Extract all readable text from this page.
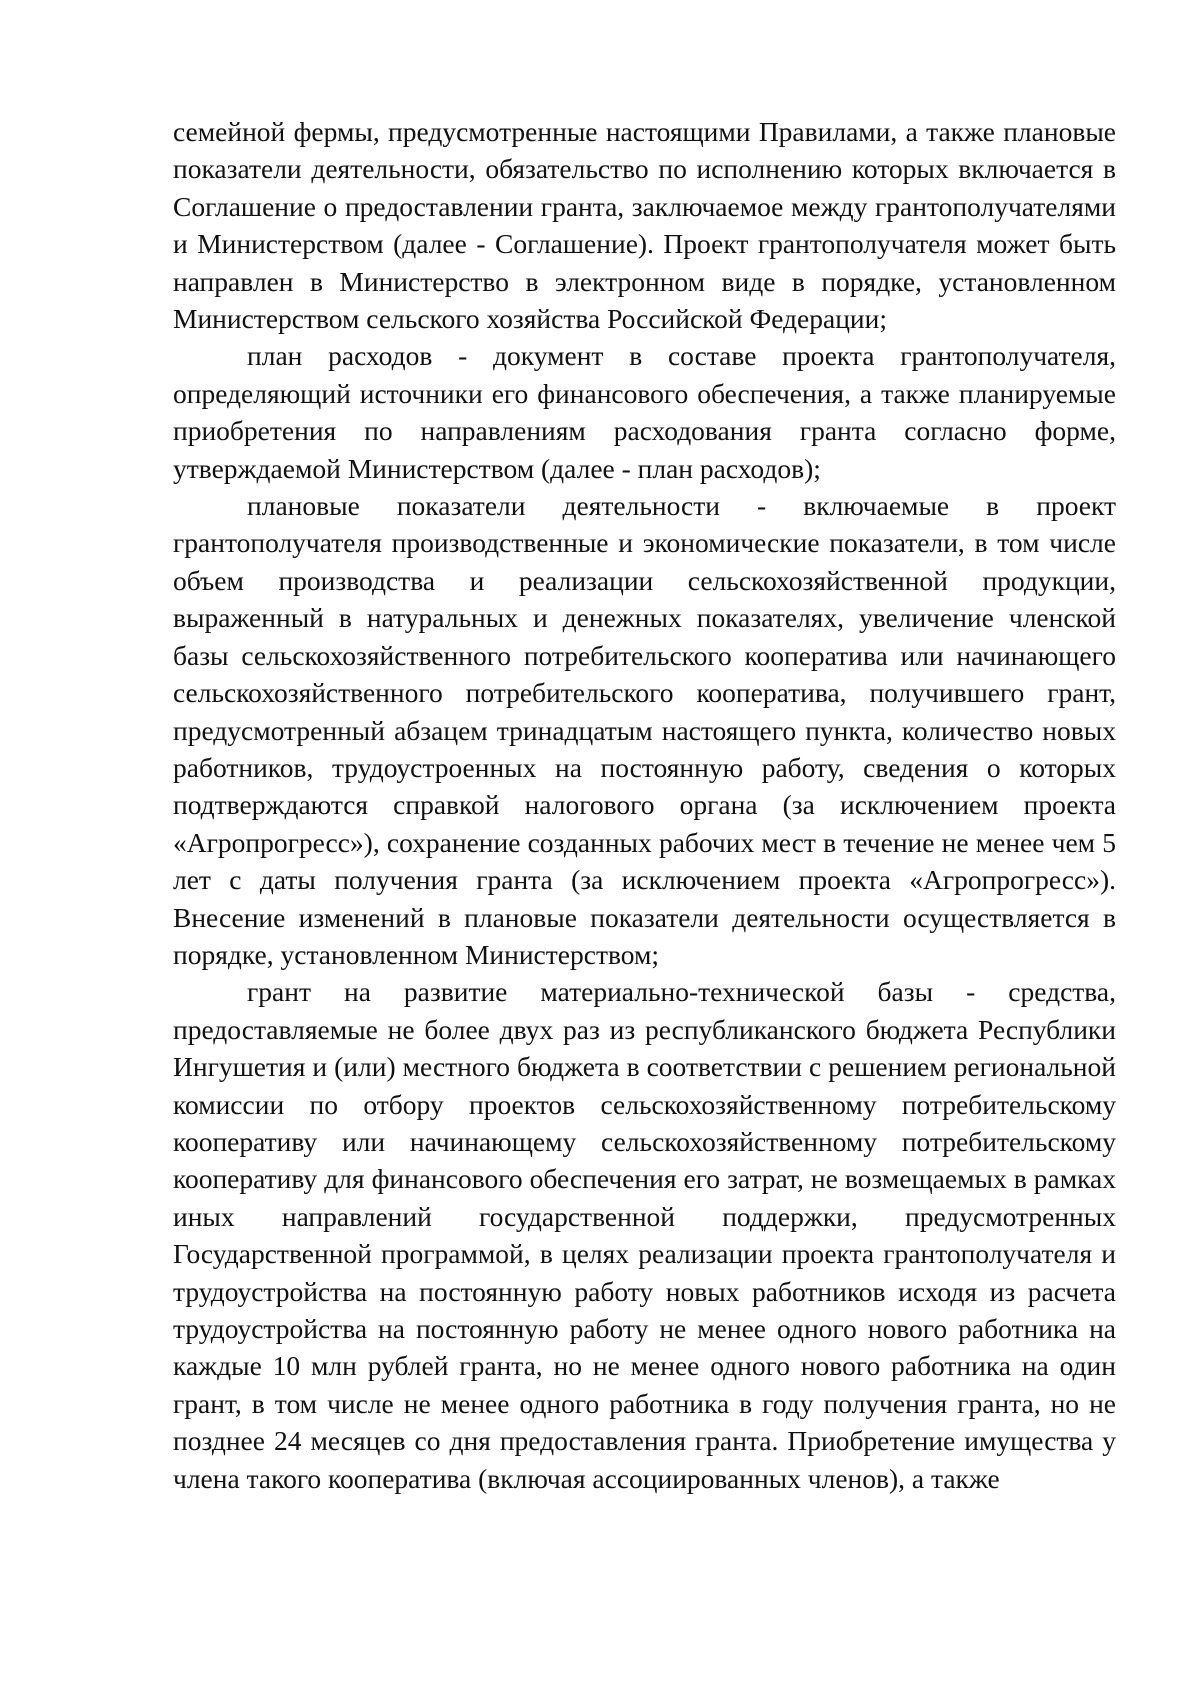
семейной фермы, предусмотренные настоящими Правилами, а также плановые показатели деятельности, обязательство по исполнению которых включается в Соглашение о предоставлении гранта, заключаемое между грантополучателями и Министерством (далее - Соглашение). Проект грантополучателя может быть направлен в Министерство в электронном виде в порядке, установленном Министерством сельского хозяйства Российской Федерации;

план расходов - документ в составе проекта грантополучателя, определяющий источники его финансового обеспечения, а также планируемые приобретения по направлениям расходования гранта согласно форме, утверждаемой Министерством (далее - план расходов);

плановые показатели деятельности - включаемые в проект грантополучателя производственные и экономические показатели, в том числе объем производства и реализации сельскохозяйственной продукции, выраженный в натуральных и денежных показателях, увеличение членской базы сельскохозяйственного потребительского кооператива или начинающего сельскохозяйственного потребительского кооператива, получившего грант, предусмотренный абзацем тринадцатым настоящего пункта, количество новых работников, трудоустроенных на постоянную работу, сведения о которых подтверждаются справкой налогового органа (за исключением проекта «Агропрогресс»), сохранение созданных рабочих мест в течение не менее чем 5 лет с даты получения гранта (за исключением проекта «Агропрогресс»). Внесение изменений в плановые показатели деятельности осуществляется в порядке, установленном Министерством;

грант на развитие материально-технической базы - средства, предоставляемые не более двух раз из республиканского бюджета Республики Ингушетия и (или) местного бюджета в соответствии с решением региональной комиссии по отбору проектов сельскохозяйственному потребительскому кооперативу или начинающему сельскохозяйственному потребительскому кооперативу для финансового обеспечения его затрат, не возмещаемых в рамках иных направлений государственной поддержки, предусмотренных Государственной программой, в целях реализации проекта грантополучателя и трудоустройства на постоянную работу новых работников исходя из расчета трудоустройства на постоянную работу не менее одного нового работника на каждые 10 млн рублей гранта, но не менее одного нового работника на один грант, в том числе не менее одного работника в году получения гранта, но не позднее 24 месяцев со дня предоставления гранта. Приобретение имущества у члена такого кооператива (включая ассоциированных членов), а также
